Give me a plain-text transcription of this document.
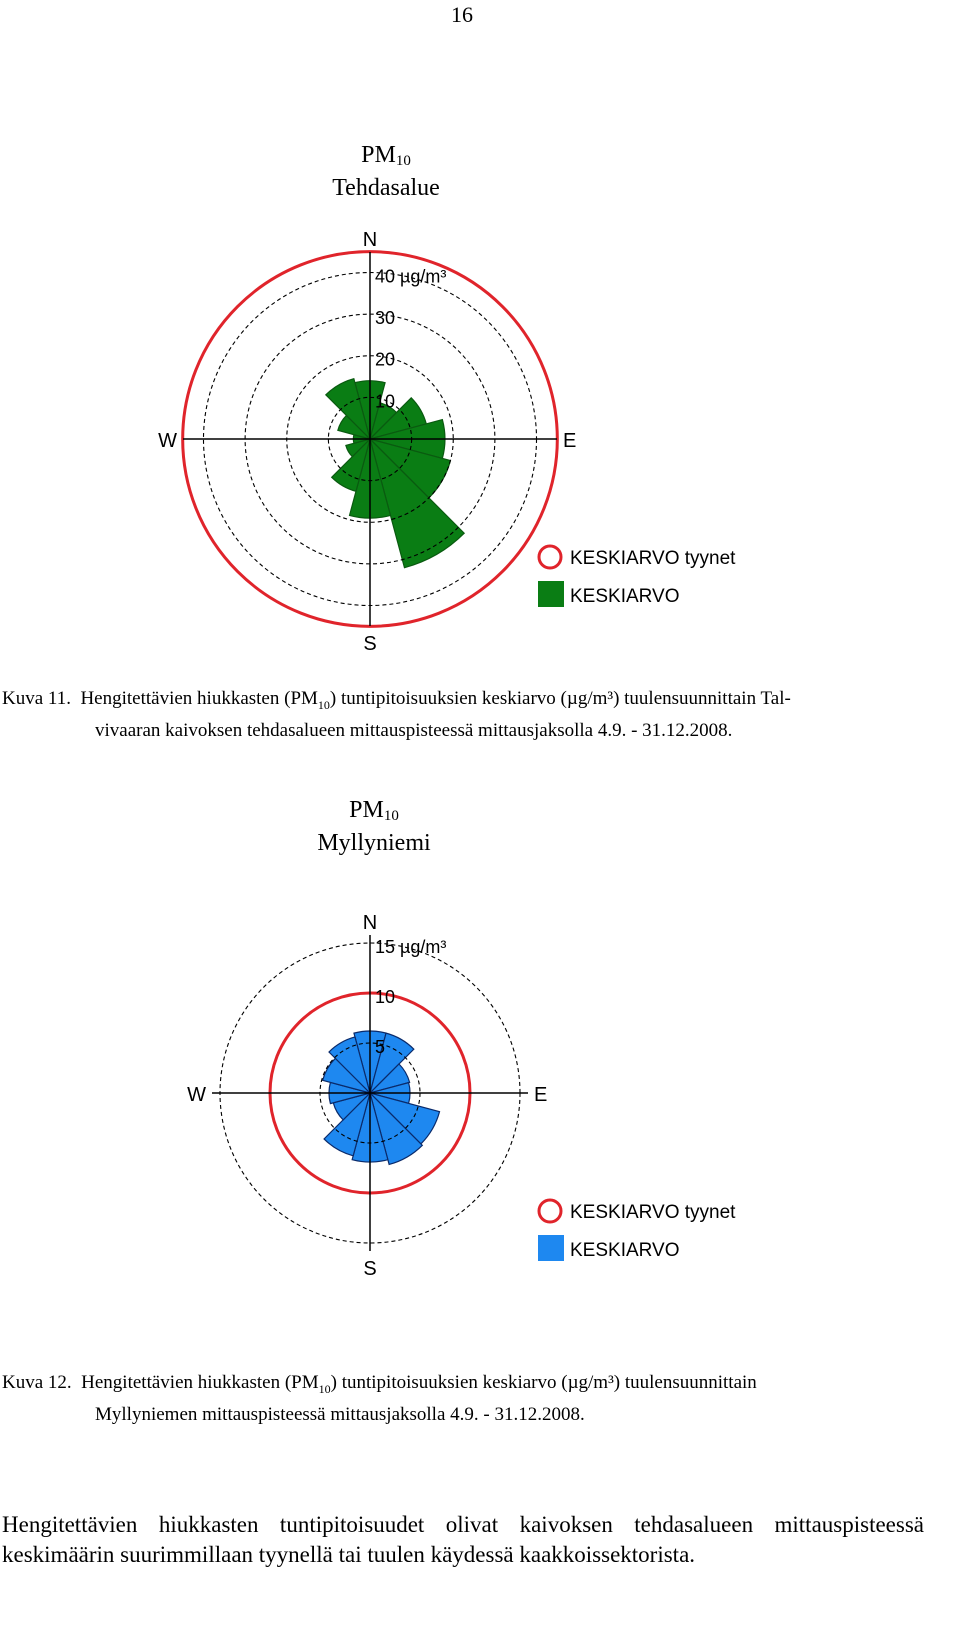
16
$PM_{10}$
Tehdasalue
N
E
S
W
40 µg/m³
30
20
10
KESKIARVO tyynet
KESKIARVO
Kuva 11. Hengitettävien hiukkasten $(PM_{10})$ tuntipitoisuuksien keskiarvo (µg/m³) tuulensuunnittain Tal-
vivaaran kaivoksen tehdasalueen mittauspisteessä mittausjaksolla 4.9. - 31.12.2008.
$PM_{10}$
Myllyniemi
N
E
S
W
15 µg/m³
10
5
KESKIARVO tyynet
KESKIARVO
Kuva 12. Hengitettävien hiukkasten $(PM_{10})$ tuntipitoisuuksien keskiarvo (µg/m³) tuulensuunnittain
Myllyniemen mittauspisteessä mittausjaksolla 4.9. - 31.12.2008.
Hengitettävien hiukkasten tuntipitoisuudet olivat kaivoksen tehdasalueen mittauspisteessä keskimäärin suurimmillaan tyynellä tai tuulen käydessä kaakkoissektorista.
